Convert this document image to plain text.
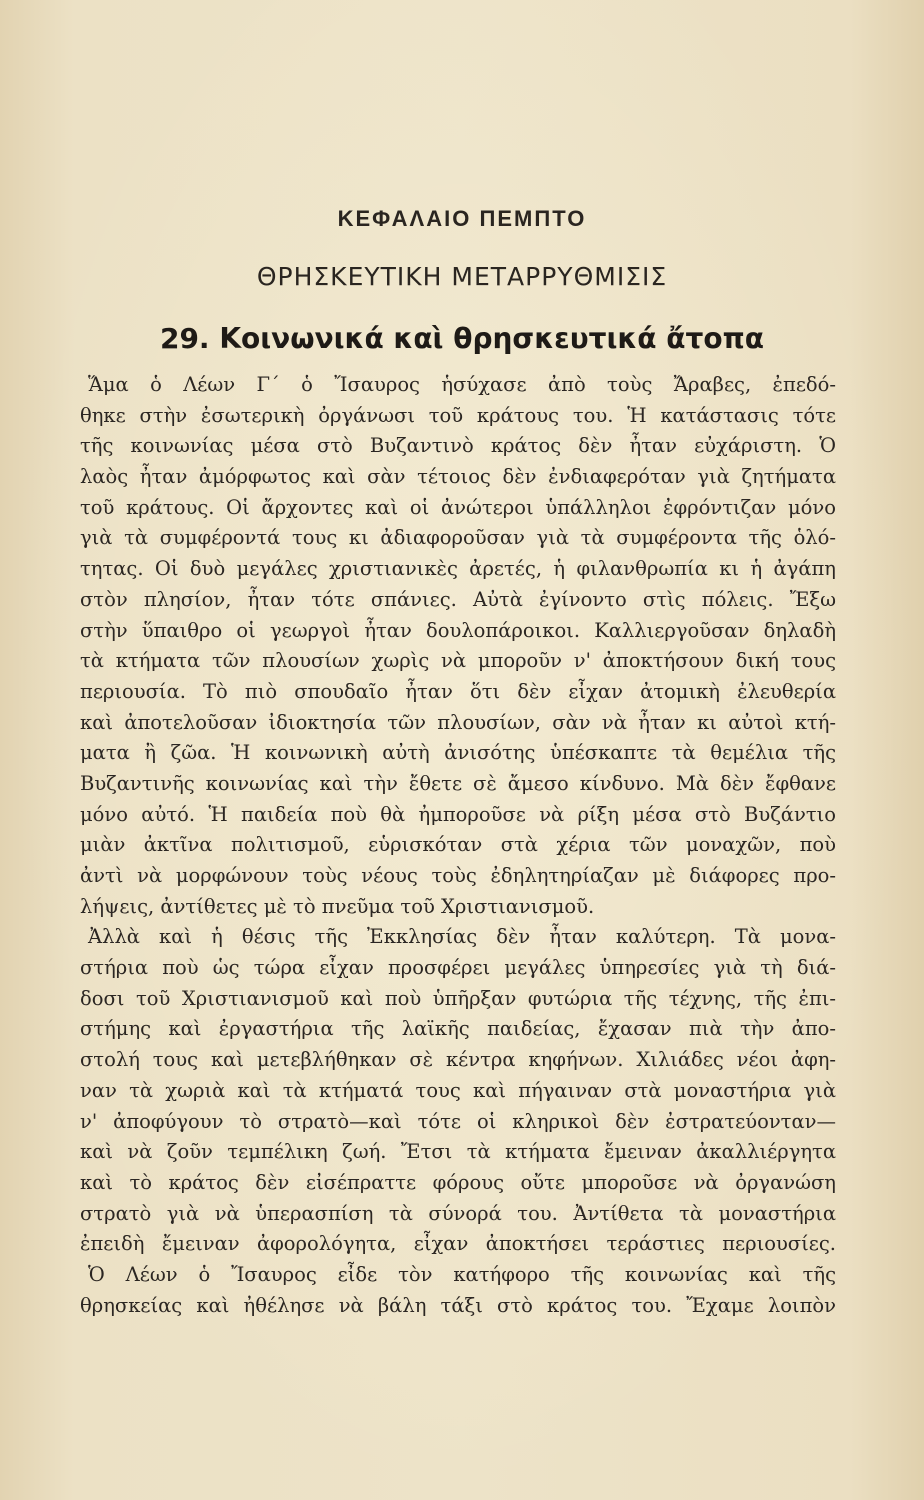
ΚΕΦΑΛΑΙΟ ΠΕΜΠΤΟ
ΘΡΗΣΚΕΥΤΙΚΗ ΜΕΤΑΡΡΥΘΜΙΣΙΣ
29. Κοινωνικά καὶ θρησκευτικά ἄτοπα
Ἅμα ὁ Λέων Γ΄ ὁ Ἴσαυρος ἡσύχασε ἀπὸ τοὺς Ἄραβες, ἐπεδό-
θηκε στὴν ἐσωτερικὴ ὀργάνωσι τοῦ κράτους του. Ἡ κατάστασις τότε
τῆς κοινωνίας μέσα στὸ Βυζαντινὸ κράτος δὲν ἦταν εὐχάριστη. Ὁ
λαὸς ἦταν ἀμόρφωτος καὶ σὰν τέτοιος δὲν ἐνδιαφερόταν γιὰ ζητήματα
τοῦ κράτους. Οἱ ἄρχοντες καὶ οἱ ἀνώτεροι ὑπάλληλοι ἐφρόντιζαν μόνο
γιὰ τὰ συμφέροντά τους κι ἀδιαφοροῦσαν γιὰ τὰ συμφέροντα τῆς ὁλό-
τητας. Οἱ δυὸ μεγάλες χριστιανικὲς ἀρετές, ἡ φιλανθρωπία κι ἡ ἀγάπη
στὸν πλησίον, ἦταν τότε σπάνιες. Αὐτὰ ἐγίνοντο στὶς πόλεις. Ἔξω
στὴν ὕπαιθρο οἱ γεωργοὶ ἦταν δουλοπάροικοι. Καλλιεργοῦσαν δηλαδὴ
τὰ κτήματα τῶν πλουσίων χωρὶς νὰ μποροῦν ν' ἀποκτήσουν δική τους
περιουσία. Τὸ πιὸ σπουδαῖο ἦταν ὅτι δὲν εἶχαν ἀτομικὴ ἐλευθερία
καὶ ἀποτελοῦσαν ἰδιοκτησία τῶν πλουσίων, σὰν νὰ ἦταν κι αὐτοὶ κτή-
ματα ἢ ζῶα. Ἡ κοινωνικὴ αὐτὴ ἀνισότης ὑπέσκαπτε τὰ θεμέλια τῆς
Βυζαντινῆς κοινωνίας καὶ τὴν ἔθετε σὲ ἄμεσο κίνδυνο. Μὰ δὲν ἔφθανε
μόνο αὐτό. Ἡ παιδεία ποὺ θὰ ἠμποροῦσε νὰ ρίξη μέσα στὸ Βυζάντιο
μιὰν ἀκτῖνα πολιτισμοῦ, εὑρισκόταν στὰ χέρια τῶν μοναχῶν, ποὺ
ἀντὶ νὰ μορφώνουν τοὺς νέους τοὺς ἐδηλητηρίαζαν μὲ διάφορες προ-
λήψεις, ἀντίθετες μὲ τὸ πνεῦμα τοῦ Χριστιανισμοῦ.
Ἀλλὰ καὶ ἡ θέσις τῆς Ἐκκλησίας δὲν ἦταν καλύτερη. Τὰ μονα-
στήρια ποὺ ὡς τώρα εἶχαν προσφέρει μεγάλες ὑπηρεσίες γιὰ τὴ διά-
δοσι τοῦ Χριστιανισμοῦ καὶ ποὺ ὑπῆρξαν φυτώρια τῆς τέχνης, τῆς ἐπι-
στήμης καὶ ἐργαστήρια τῆς λαϊκῆς παιδείας, ἔχασαν πιὰ τὴν ἀπο-
στολή τους καὶ μετεβλήθηκαν σὲ κέντρα κηφήνων. Χιλιάδες νέοι ἀφη-
ναν τὰ χωριὰ καὶ τὰ κτήματά τους καὶ πήγαιναν στὰ μοναστήρια γιὰ
ν' ἀποφύγουν τὸ στρατὸ—καὶ τότε οἱ κληρικοὶ δὲν ἐστρατεύονταν—
καὶ νὰ ζοῦν τεμπέλικη ζωή. Ἔτσι τὰ κτήματα ἔμειναν ἀκαλλιέργητα
καὶ τὸ κράτος δὲν εἰσέπραττε φόρους οὔτε μποροῦσε νὰ ὀργανώση
στρατὸ γιὰ νὰ ὑπερασπίση τὰ σύνορά του. Ἀντίθετα τὰ μοναστήρια
ἐπειδὴ ἔμειναν ἀφορολόγητα, εἶχαν ἀποκτήσει τεράστιες περιουσίες.
Ὁ Λέων ὁ Ἴσαυρος εἶδε τὸν κατήφορο τῆς κοινωνίας καὶ τῆς
θρησκείας καὶ ἠθέλησε νὰ βάλη τάξι στὸ κράτος του. Ἔχαμε λοιπὸν
